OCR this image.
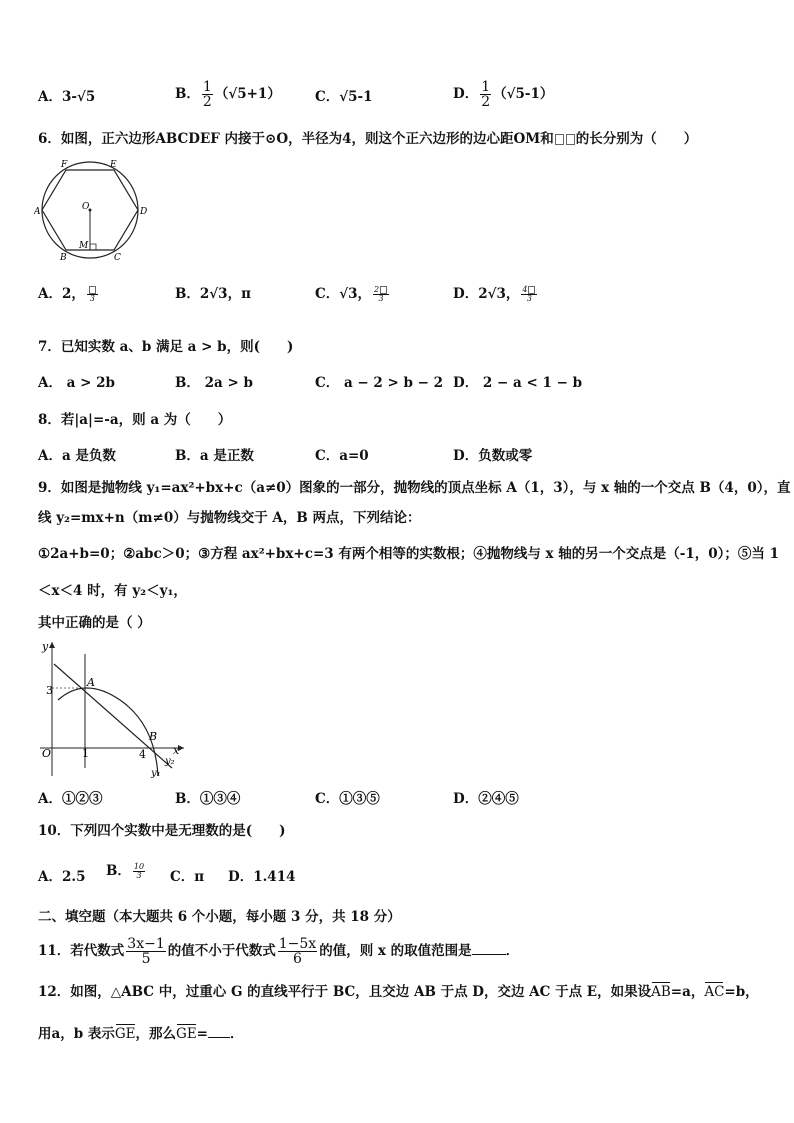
A．3-√5	B． $\frac{1}{2} (√5+1)$	C．√5-1	D． $\frac{1}{2} (√5-1)$
6．如图，正六边形ABCDEF 内接于⊙O，半径为4，则这个正六边形的边心距OM和 的长分别为（　　）
F	E
A	D
O
M
B	C
A．2， 3	B．2√3，π	C．√3， $\frac{2}{3}$	D．2√3， $\frac{4}{3}$
7．已知实数 a、b 满足 a > b，则(　　)
A． a > 2b	B． 2a > b	C． a − 2 > b − 2 D． 2 − a < 1 − b
8．若|a|=-a，则 a 为（　　）
A．a 是负数	B．a 是正数	C．a=0	D．负数或零
9．如图是抛物线 y₁=ax²+bx+c（a≠0）图象的一部分，抛物线的顶点坐标 A（1，3），与 x 轴的一个交点 B（4，0），直
线 y₂=mx+n（m≠0）与抛物线交于 A，B 两点，下列结论：
①2a+b=0；②abc＞0；③方程 ax²+bx+c=3 有两个相等的实数根；④抛物线与 x 轴的另一个交点是（-1，0）；⑤当 1
＜x＜4 时，有 y₂＜y₁，
其中正确的是（ ）
y
x
3
A
B
O	1	4
y₂
y₁
A．①②③	B．①③④	C．①③⑤	D．②④⑤
10．下列四个实数中是无理数的是(　　)
A．2.5 B． $\frac{10}{3}$ C．π D．1.414
二、填空题（本大题共 6 个小题，每小题 3 分，共 18 分）
11．若代数式 $\frac{3x-1}{5}$ 的值不小于代数式 $\frac{1-5x}{6}$ 的值，则 x 的取值范围是	．
12．如图，△ABC 中，过重心 G 的直线平行于 BC，且交边 AB 于点 D，交边 AC 于点 E，如果设AB=a，AC=b，
用a，b 表示GE，那么GE= ．
